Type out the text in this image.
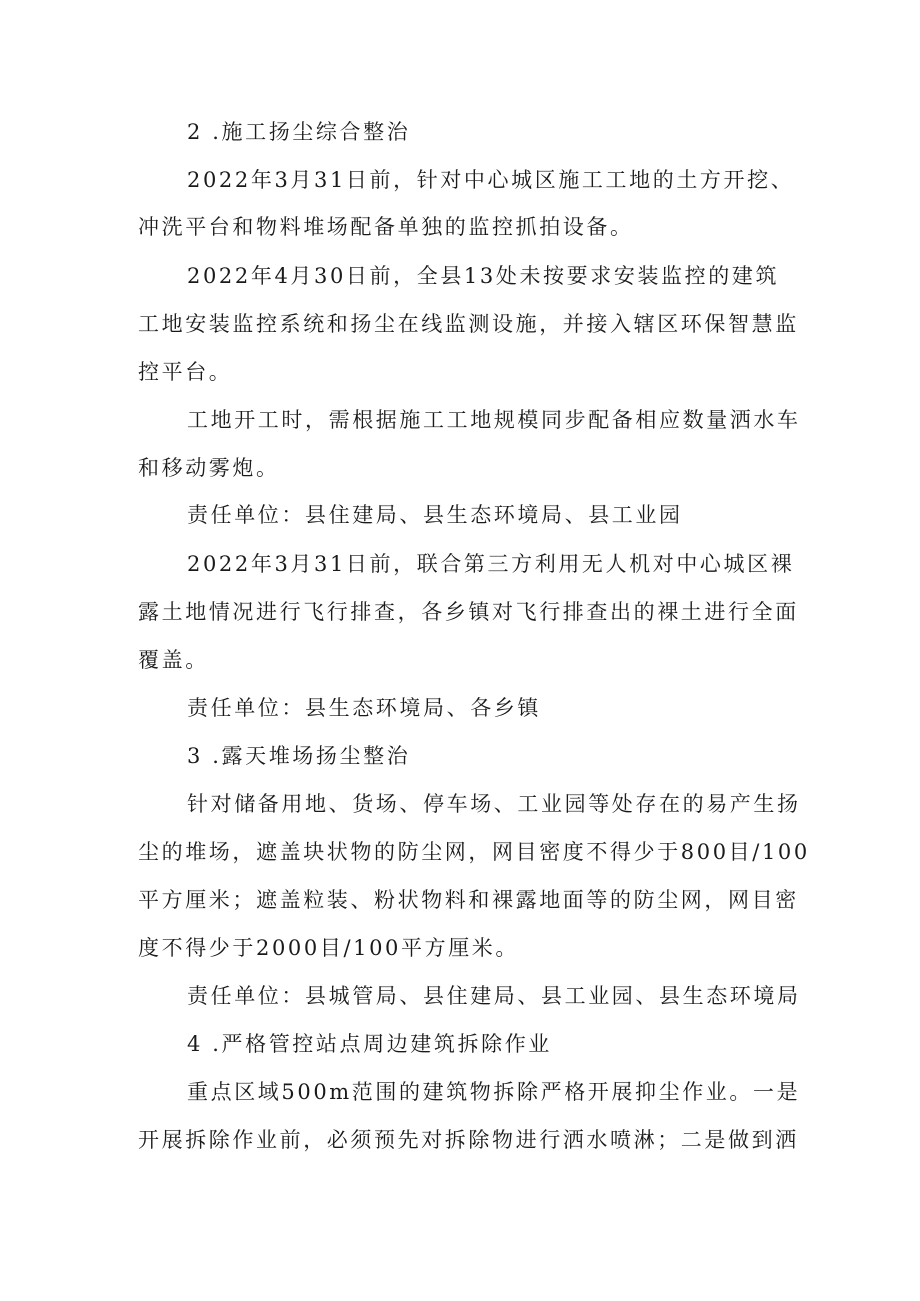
2 .施工扬尘综合整治
2022年3月31日前，针对中心城区施工工地的土方开挖、
冲洗平台和物料堆场配备单独的监控抓拍设备。
2022年4月30日前，全县13处未按要求安装监控的建筑
工地安装监控系统和扬尘在线监测设施，并接入辖区环保智慧监
控平台。
工地开工时，需根据施工工地规模同步配备相应数量洒水车
和移动雾炮。
责任单位：县住建局、县生态环境局、县工业园
2022年3月31日前，联合第三方利用无人机对中心城区裸
露土地情况进行飞行排查，各乡镇对飞行排查出的裸土进行全面
覆盖。
责任单位：县生态环境局、各乡镇
3 .露天堆场扬尘整治
针对储备用地、货场、停车场、工业园等处存在的易产生扬
尘的堆场，遮盖块状物的防尘网，网目密度不得少于800目/100
平方厘米；遮盖粒装、粉状物料和裸露地面等的防尘网，网目密
度不得少于2000目/100平方厘米。
责任单位：县城管局、县住建局、县工业园、县生态环境局
4 .严格管控站点周边建筑拆除作业
重点区域500m范围的建筑物拆除严格开展抑尘作业。一是
开展拆除作业前，必须预先对拆除物进行洒水喷淋；二是做到洒
